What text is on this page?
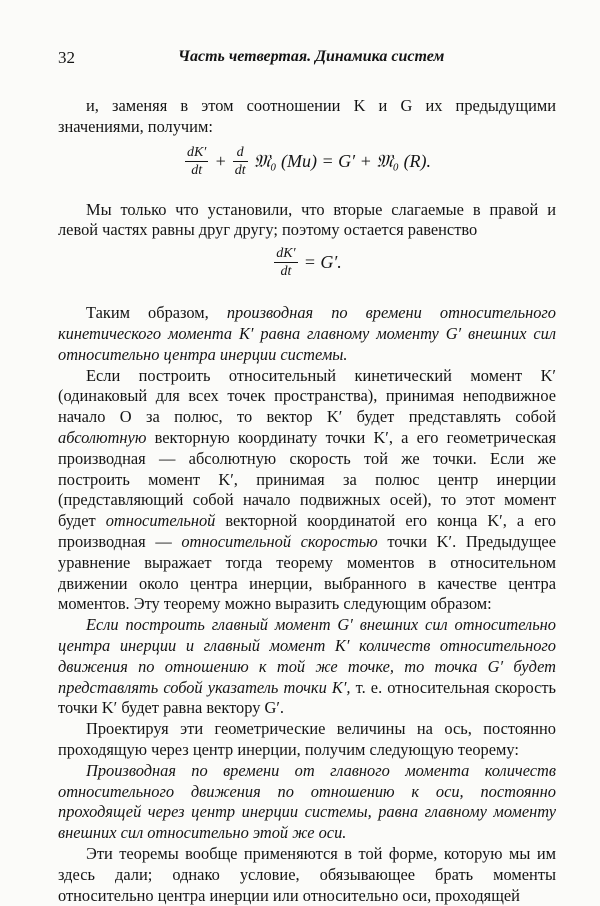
32	Часть четвертая. Динамика систем

и, заменяя в этом соотношении K и G их предыдущими значениями, получим:

$\frac{dK'}{dt} + \frac{d}{dt}$ 𝔐₀ (Mu) = G′ + 𝔐₀ (R).

Мы только что установили, что вторые слагаемые в правой и левой частях равны друг другу; поэтому остается равенство

$\frac{dK'}{dt} = G'$.

Таким образом, производная по времени относительного кинетического момента K′ равна главному моменту G′ внешних сил относительно центра инерции системы.

Если построить относительный кинетический момент K′ (одинаковый для всех точек пространства), принимая неподвижное начало O за полюс, то вектор K′ будет представлять собой абсолютную векторную координату точки K′, а его геометрическая производная — абсолютную скорость той же точки. Если же построить момент K′, принимая за полюс центр инерции (представляющий собой начало подвижных осей), то этот момент будет относительной векторной координатой его конца K′, а его производная — относительной скоростью точки K′. Предыдущее уравнение выражает тогда теорему моментов в относительном движении около центра инерции, выбранного в качестве центра моментов. Эту теорему можно выразить следующим образом:

Если построить главный момент G′ внешних сил относительно центра инерции и главный момент K′ количеств относительного движения по отношению к той же точке, то точка G′ будет представлять собой указатель точки K′, т. е. относительная скорость точки K′ будет равна вектору G′.

Проектируя эти геометрические величины на ось, постоянно проходящую через центр инерции, получим следующую теорему:

Производная по времени от главного момента количеств относительного движения по отношению к оси, постоянно проходящей через центр инерции системы, равна главному моменту внешних сил относительно этой же оси.

Эти теоремы вообще применяются в той форме, которую мы им здесь дали; однако условие, обязывающее брать моменты относительно центра инерции или относительно оси, проходящей
